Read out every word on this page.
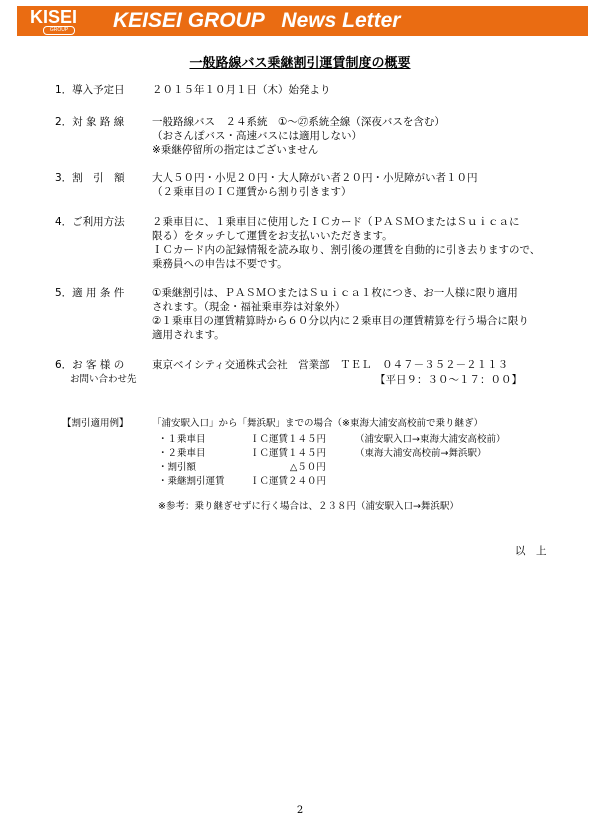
KISEI
GROUP	KEISEI GROUP   News Letter
一般路線バス乗継割引運賃制度の概要
1．導入予定日	２０１５年１０月１日（木）始発より
2．対 象 路 線	一般路線バス　２４系統　①～㉗系統全線（深夜バスを含む）
（おさんぽバス・高速バスには適用しない）
※乗継停留所の指定はございません
3．割　引　額	大人５０円・小児２０円・大人障がい者２０円・小児障がい者１０円
（２乗車目のＩＣ運賃から割り引きます）
4．ご利用方法	２乗車目に、１乗車目に使用したＩＣカード（ＰＡＳＭＯまたはＳｕｉｃａに
限る）をタッチして運賃をお支払いいただきます。
ＩＣカード内の記録情報を読み取り、割引後の運賃を自動的に引き去りますので、
乗務員への申告は不要です。
5．適 用 条 件	①乗継割引は、ＰＡＳＭＯまたはＳｕｉｃａ１枚につき、お一人様に限り適用
されます。（現金・福祉乗車券は対象外）
②１乗車目の運賃精算時から６０分以内に２乗車目の運賃精算を行う場合に限り
適用されます。
6．お 客 様 の
お問い合わせ先
東京ベイシティ交通株式会社　営業部　ＴＥＬ　０４７－３５２－２１１３
【平日９：３０～１７：００】
【割引適用例】 「浦安駅入口」から「舞浜駅」までの場合（※東海大浦安高校前で乗り継ぎ）
・１乗車目	ＩＣ運賃１４５円	（浦安駅入口→東海大浦安高校前）
・２乗車目	ＩＣ運賃１４５円	（東海大浦安高校前→舞浜駅）
・割引額	△５０円
・乗継割引運賃	ＩＣ運賃２４０円
※参考：乗り継ぎせずに行く場合は、２３８円（浦安駅入口→舞浜駅）
以　上
2
